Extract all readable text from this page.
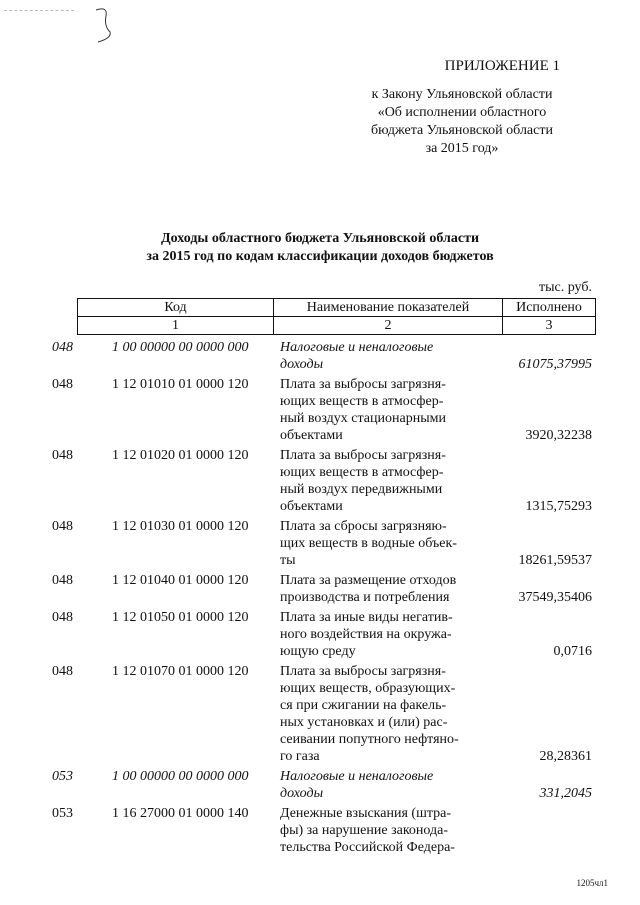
ПРИЛОЖЕНИЕ 1
к Закону Ульяновской области
«Об исполнении областного
бюджета Ульяновской области
за 2015 год»
Доходы областного бюджета Ульяновской области
за 2015 год по кодам классификации доходов бюджетов
тыс. руб.
Код	Наименование показателей	Исполнено
1	2	3
048	1 00 00000 00 0000 000 Налоговые и неналоговые
доходы	61075,37995
048	1 12 01010 01 0000 120 Плата за выбросы загрязня-
ющих веществ в атмосфер-
ный воздух стационарными
объектами	3920,32238
048	1 12 01020 01 0000 120 Плата за выбросы загрязня-
ющих веществ в атмосфер-
ный воздух передвижными
объектами	1315,75293
048	1 12 01030 01 0000 120 Плата за сбросы загрязняю-
щих веществ в водные объек-
ты	18261,59537
048	1 12 01040 01 0000 120 Плата за размещение отходов
производства и потребления	37549,35406
048	1 12 01050 01 0000 120 Плата за иные виды негатив-
ного воздействия на окружа-
ющую среду	0,0716
048	1 12 01070 01 0000 120 Плата за выбросы загрязня-
ющих веществ, образующих-
ся при сжигании на факель-
ных установках и (или) рас-
сеивании попутного нефтяно-
го газа	28,28361
053	1 00 00000 00 0000 000 Налоговые и неналоговые
доходы	331,2045
053	1 16 27000 01 0000 140 Денежные взыскания (штра-
фы) за нарушение законода-
тельства Российской Федера-
1205чл1
